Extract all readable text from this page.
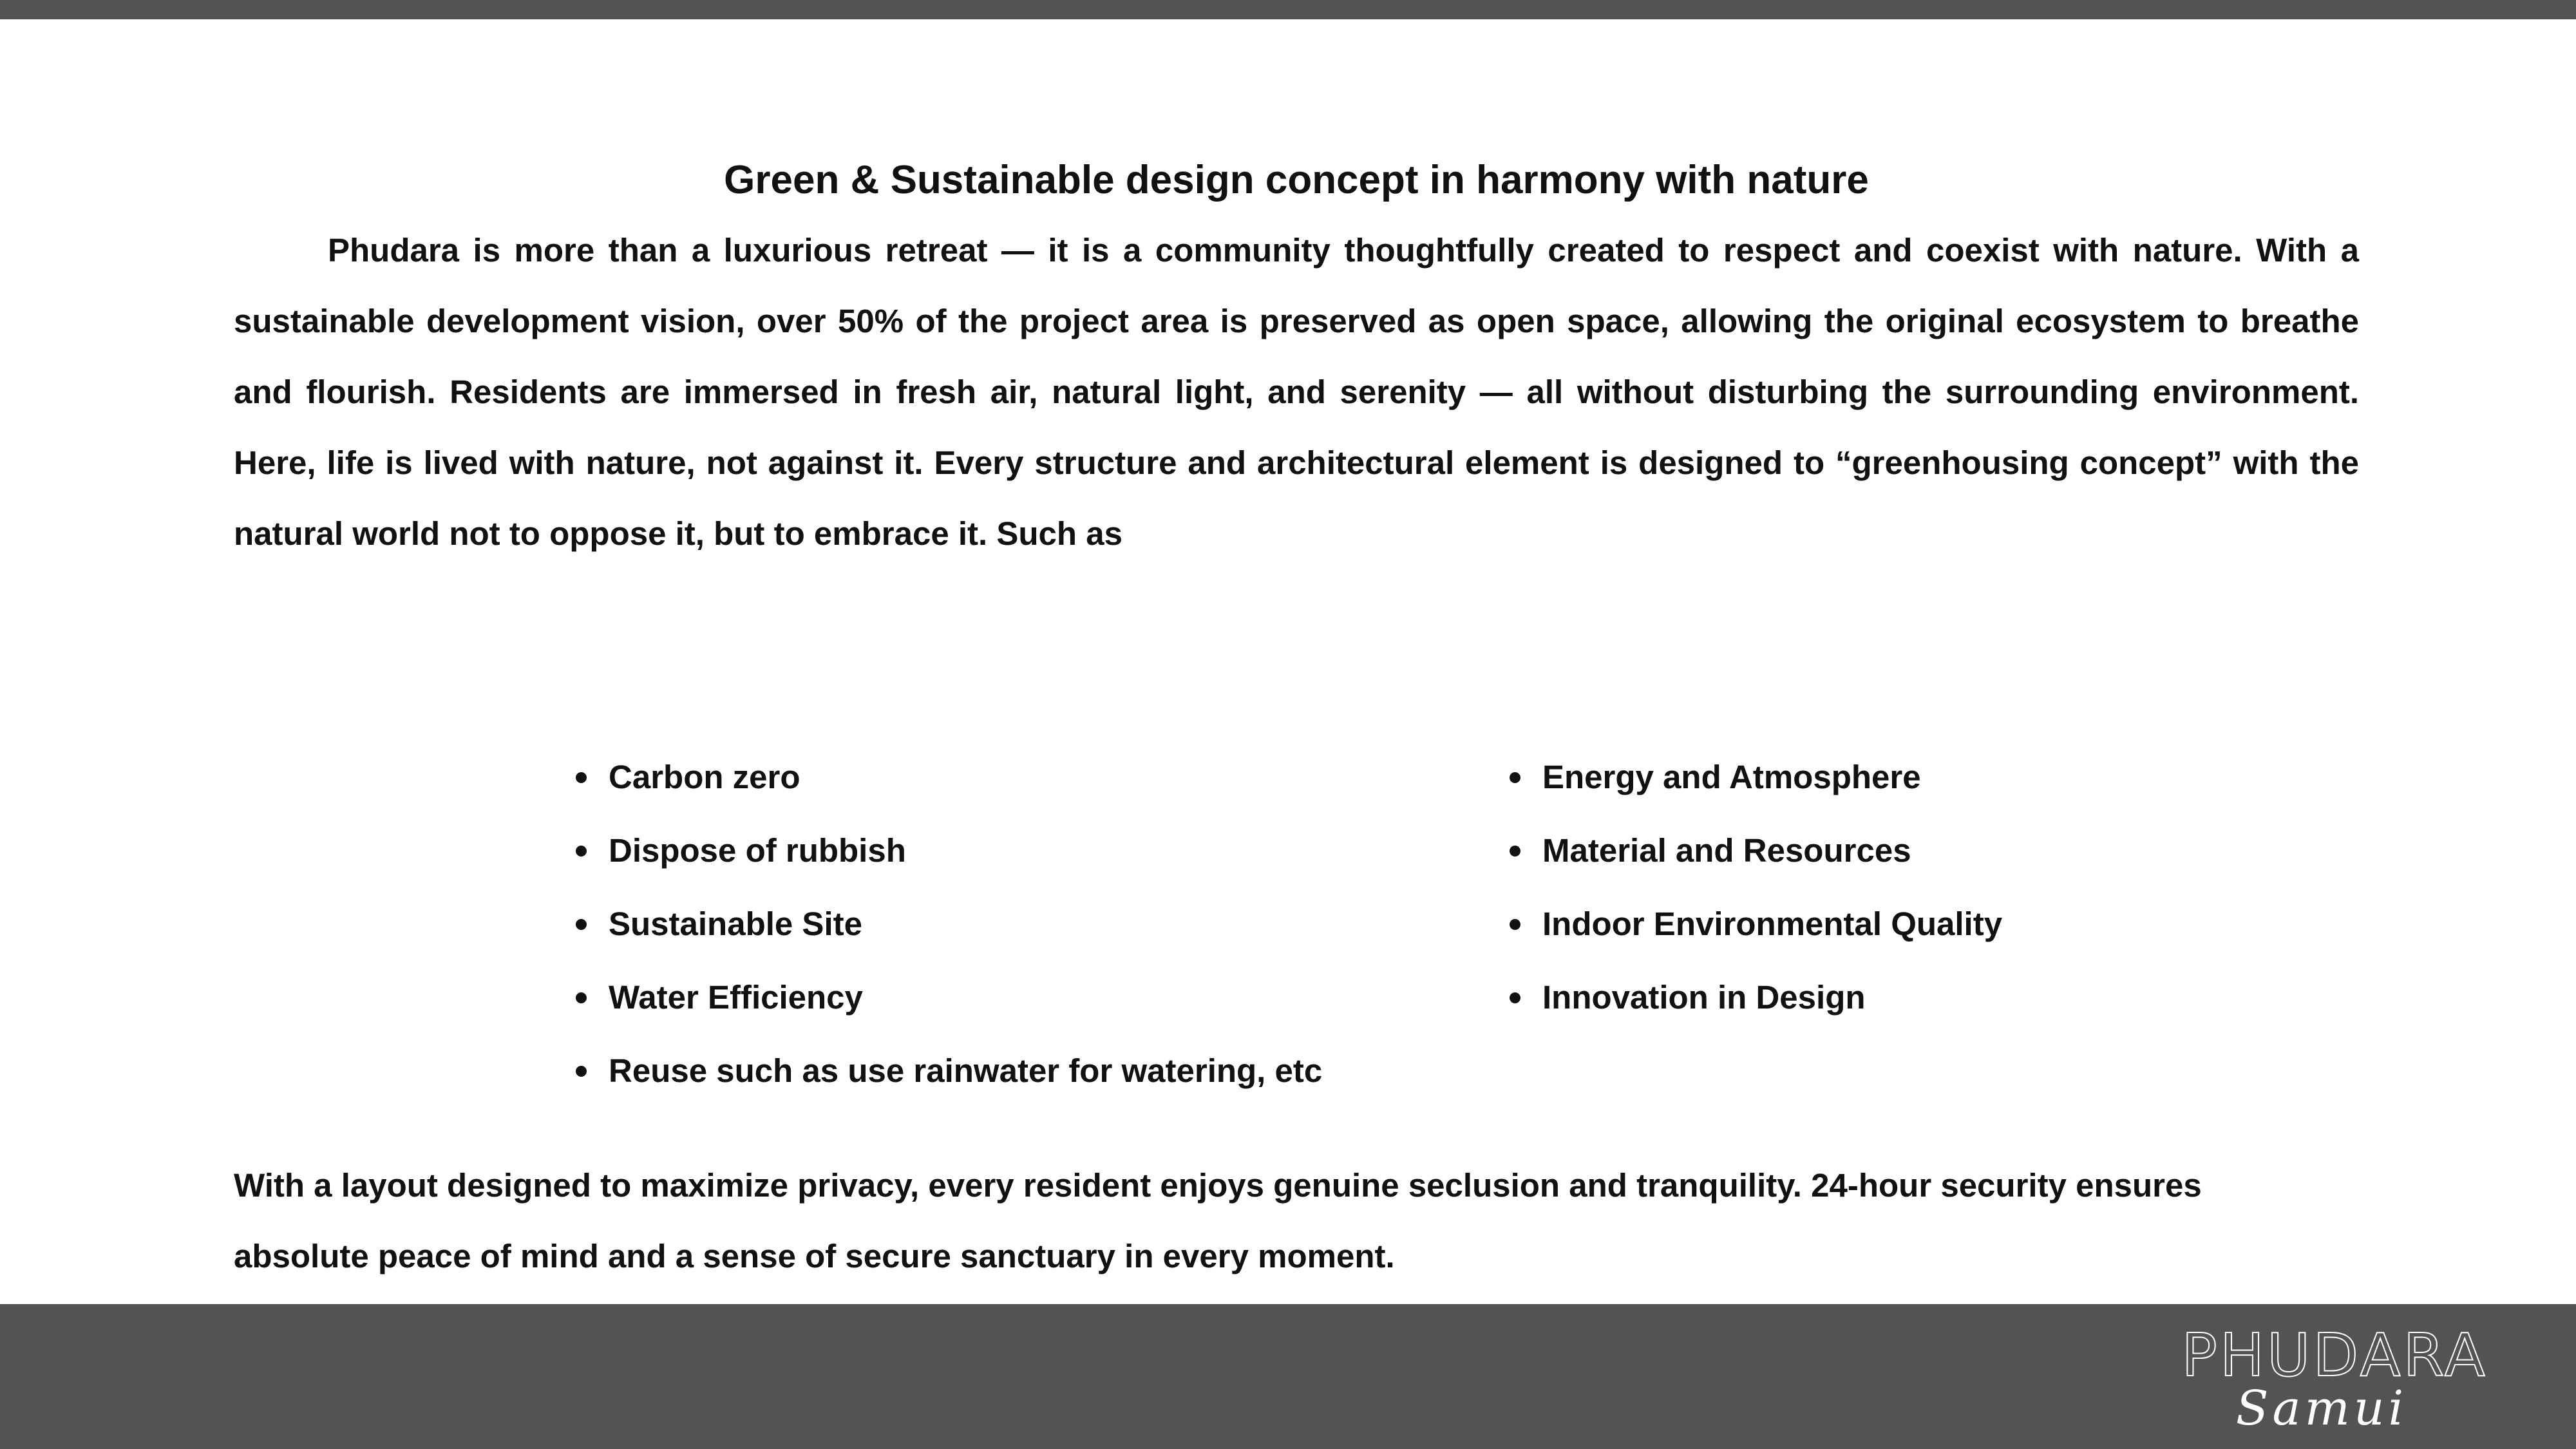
Green & Sustainable design concept in harmony with nature

Phudara is more than a luxurious retreat — it is a community thoughtfully created to respect and coexist with nature. With a sustainable development vision, over 50% of the project area is preserved as open space, allowing the original ecosystem to breathe and flourish. Residents are immersed in fresh air, natural light, and serenity — all without disturbing the surrounding environment. Here, life is lived with nature, not against it. Every structure and architectural element is designed to “greenhousing concept” with the natural world not to oppose it, but to embrace it. Such as

Carbon zero
Dispose of rubbish
Sustainable Site
Water Efficiency
Reuse such as use rainwater for watering, etc
Energy and Atmosphere
Material and Resources
Indoor Environmental Quality
Innovation in Design

With a layout designed to maximize privacy, every resident enjoys genuine seclusion and tranquility. 24-hour security ensures
absolute peace of mind and a sense of secure sanctuary in every moment.

PHUDARA
Samui
